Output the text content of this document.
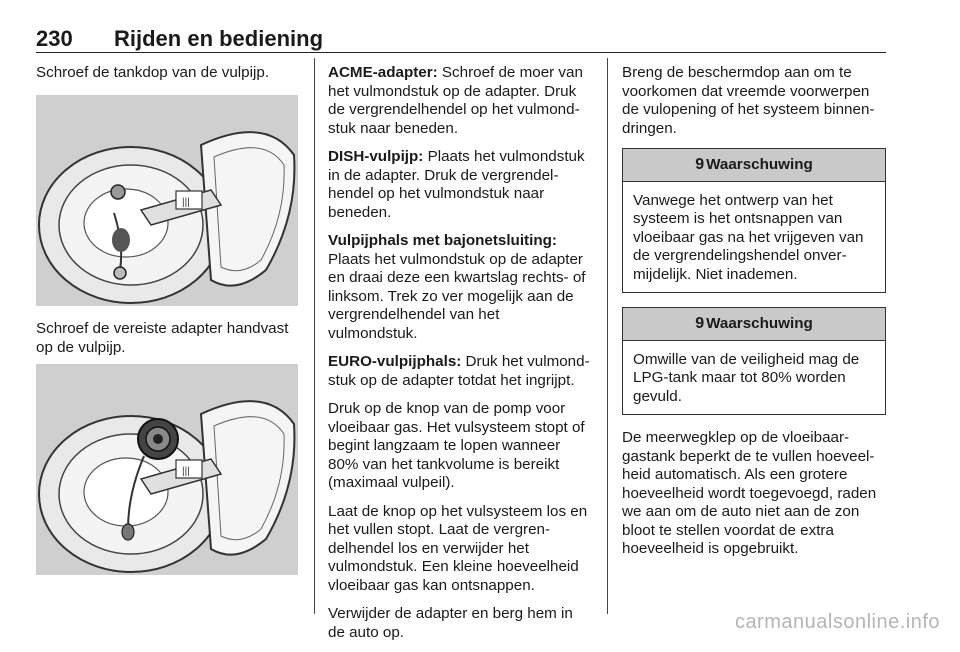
230 Rijden en bediening
Schroef de tankdop van de vulpijp.
|||
Schroef de vereiste adapter handvast op de vulpijp.
|||

ACME-adapter: Schroef de moer van het vulmondstuk op de adapter. Druk de vergrendelhendel op het vulmondstuk naar beneden.

DISH-vulpijp: Plaats het vulmondstuk in de adapter. Druk de vergrendelhendel op het vulmondstuk naar beneden.

Vulpijphals met bajonetsluiting:
Plaats het vulmondstuk op de adapter en draai deze een kwartslag rechts- of linksom. Trek zo ver mogelijk aan de vergrendelhendel van het vulmondstuk.

EURO-vulpijphals: Druk het vulmondstuk op de adapter totdat het ingrijpt.

Druk op de knop van de pomp voor vloeibaar gas. Het vulsysteem stopt of begint langzaam te lopen wanneer 80% van het tankvolume is bereikt (maximaal vulpeil).

Laat de knop op het vulsysteem los en het vullen stopt. Laat de vergrendelhendel los en verwijder het vulmondstuk. Een kleine hoeveelheid vloeibaar gas kan ontsnappen.

Verwijder de adapter en berg hem in de auto op.

Breng de beschermdop aan om te voorkomen dat vreemde voorwerpen de vulopening of het systeem binnendringen.

9 Waarschuwing
Vanwege het ontwerp van het systeem is het ontsnappen van vloeibaar gas na het vrijgeven van de vergrendelingshendel onvermijdelijk. Niet inademen.
9 Waarschuwing
Omwille van de veiligheid mag de LPG-tank maar tot 80% worden gevuld.

De meerwegklep op de vloeibaargastank beperkt de te vullen hoeveelheid automatisch. Als een grotere hoeveelheid wordt toegevoegd, raden we aan om de auto niet aan de zon bloot te stellen voordat de extra hoeveelheid is opgebruikt.

carmanualsonline.info
